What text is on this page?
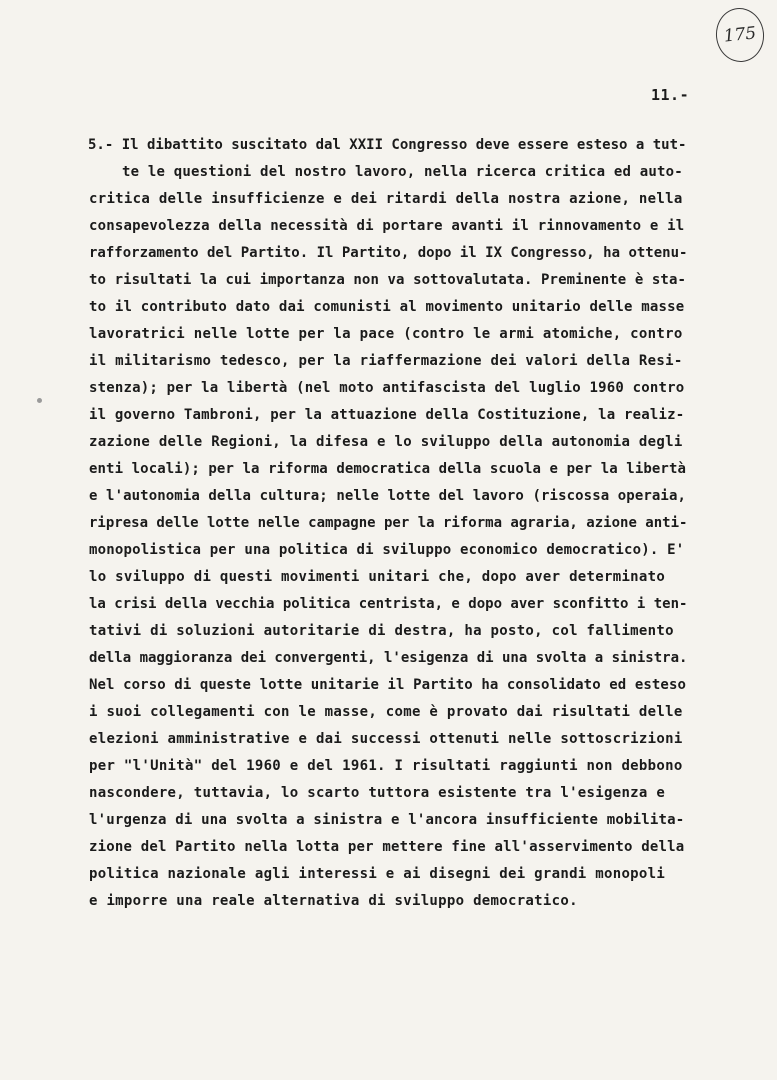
175
11.-
5.- Il dibattito suscitato dal XXII Congresso deve essere esteso a tut-
te le questioni del nostro lavoro, nella ricerca critica ed auto-
critica delle insufficienze e dei ritardi della nostra azione, nella
consapevolezza della necessità di portare avanti il rinnovamento e il
rafforzamento del Partito. Il Partito, dopo il IX Congresso, ha ottenu-
to risultati la cui importanza non va sottovalutata. Preminente è sta-
to il contributo dato dai comunisti al movimento unitario delle masse
lavoratrici nelle lotte per la pace (contro le armi atomiche, contro
il militarismo tedesco, per la riaffermazione dei valori della Resi-
stenza); per la libertà (nel moto antifascista del luglio 1960 contro
il governo Tambroni, per la attuazione della Costituzione, la realiz-
zazione delle Regioni, la difesa e lo sviluppo della autonomia degli
enti locali); per la riforma democratica della scuola e per la libertà
e l'autonomia della cultura; nelle lotte del lavoro (riscossa operaia,
ripresa delle lotte nelle campagne per la riforma agraria, azione anti-
monopolistica per una politica di sviluppo economico democratico). E'
lo sviluppo di questi movimenti unitari che, dopo aver determinato
la crisi della vecchia politica centrista, e dopo aver sconfitto i ten-
tativi di soluzioni autoritarie di destra, ha posto, col fallimento
della maggioranza dei convergenti, l'esigenza di una svolta a sinistra.
Nel corso di queste lotte unitarie il Partito ha consolidato ed esteso
i suoi collegamenti con le masse, come è provato dai risultati delle
elezioni amministrative e dai successi ottenuti nelle sottoscrizioni
per "l'Unità" del 1960 e del 1961. I risultati raggiunti non debbono
nascondere, tuttavia, lo scarto tuttora esistente tra l'esigenza e
l'urgenza di una svolta a sinistra e l'ancora insufficiente mobilita-
zione del Partito nella lotta per mettere fine all'asservimento della
politica nazionale agli interessi e ai disegni dei grandi monopoli
e imporre una reale alternativa di sviluppo democratico.
